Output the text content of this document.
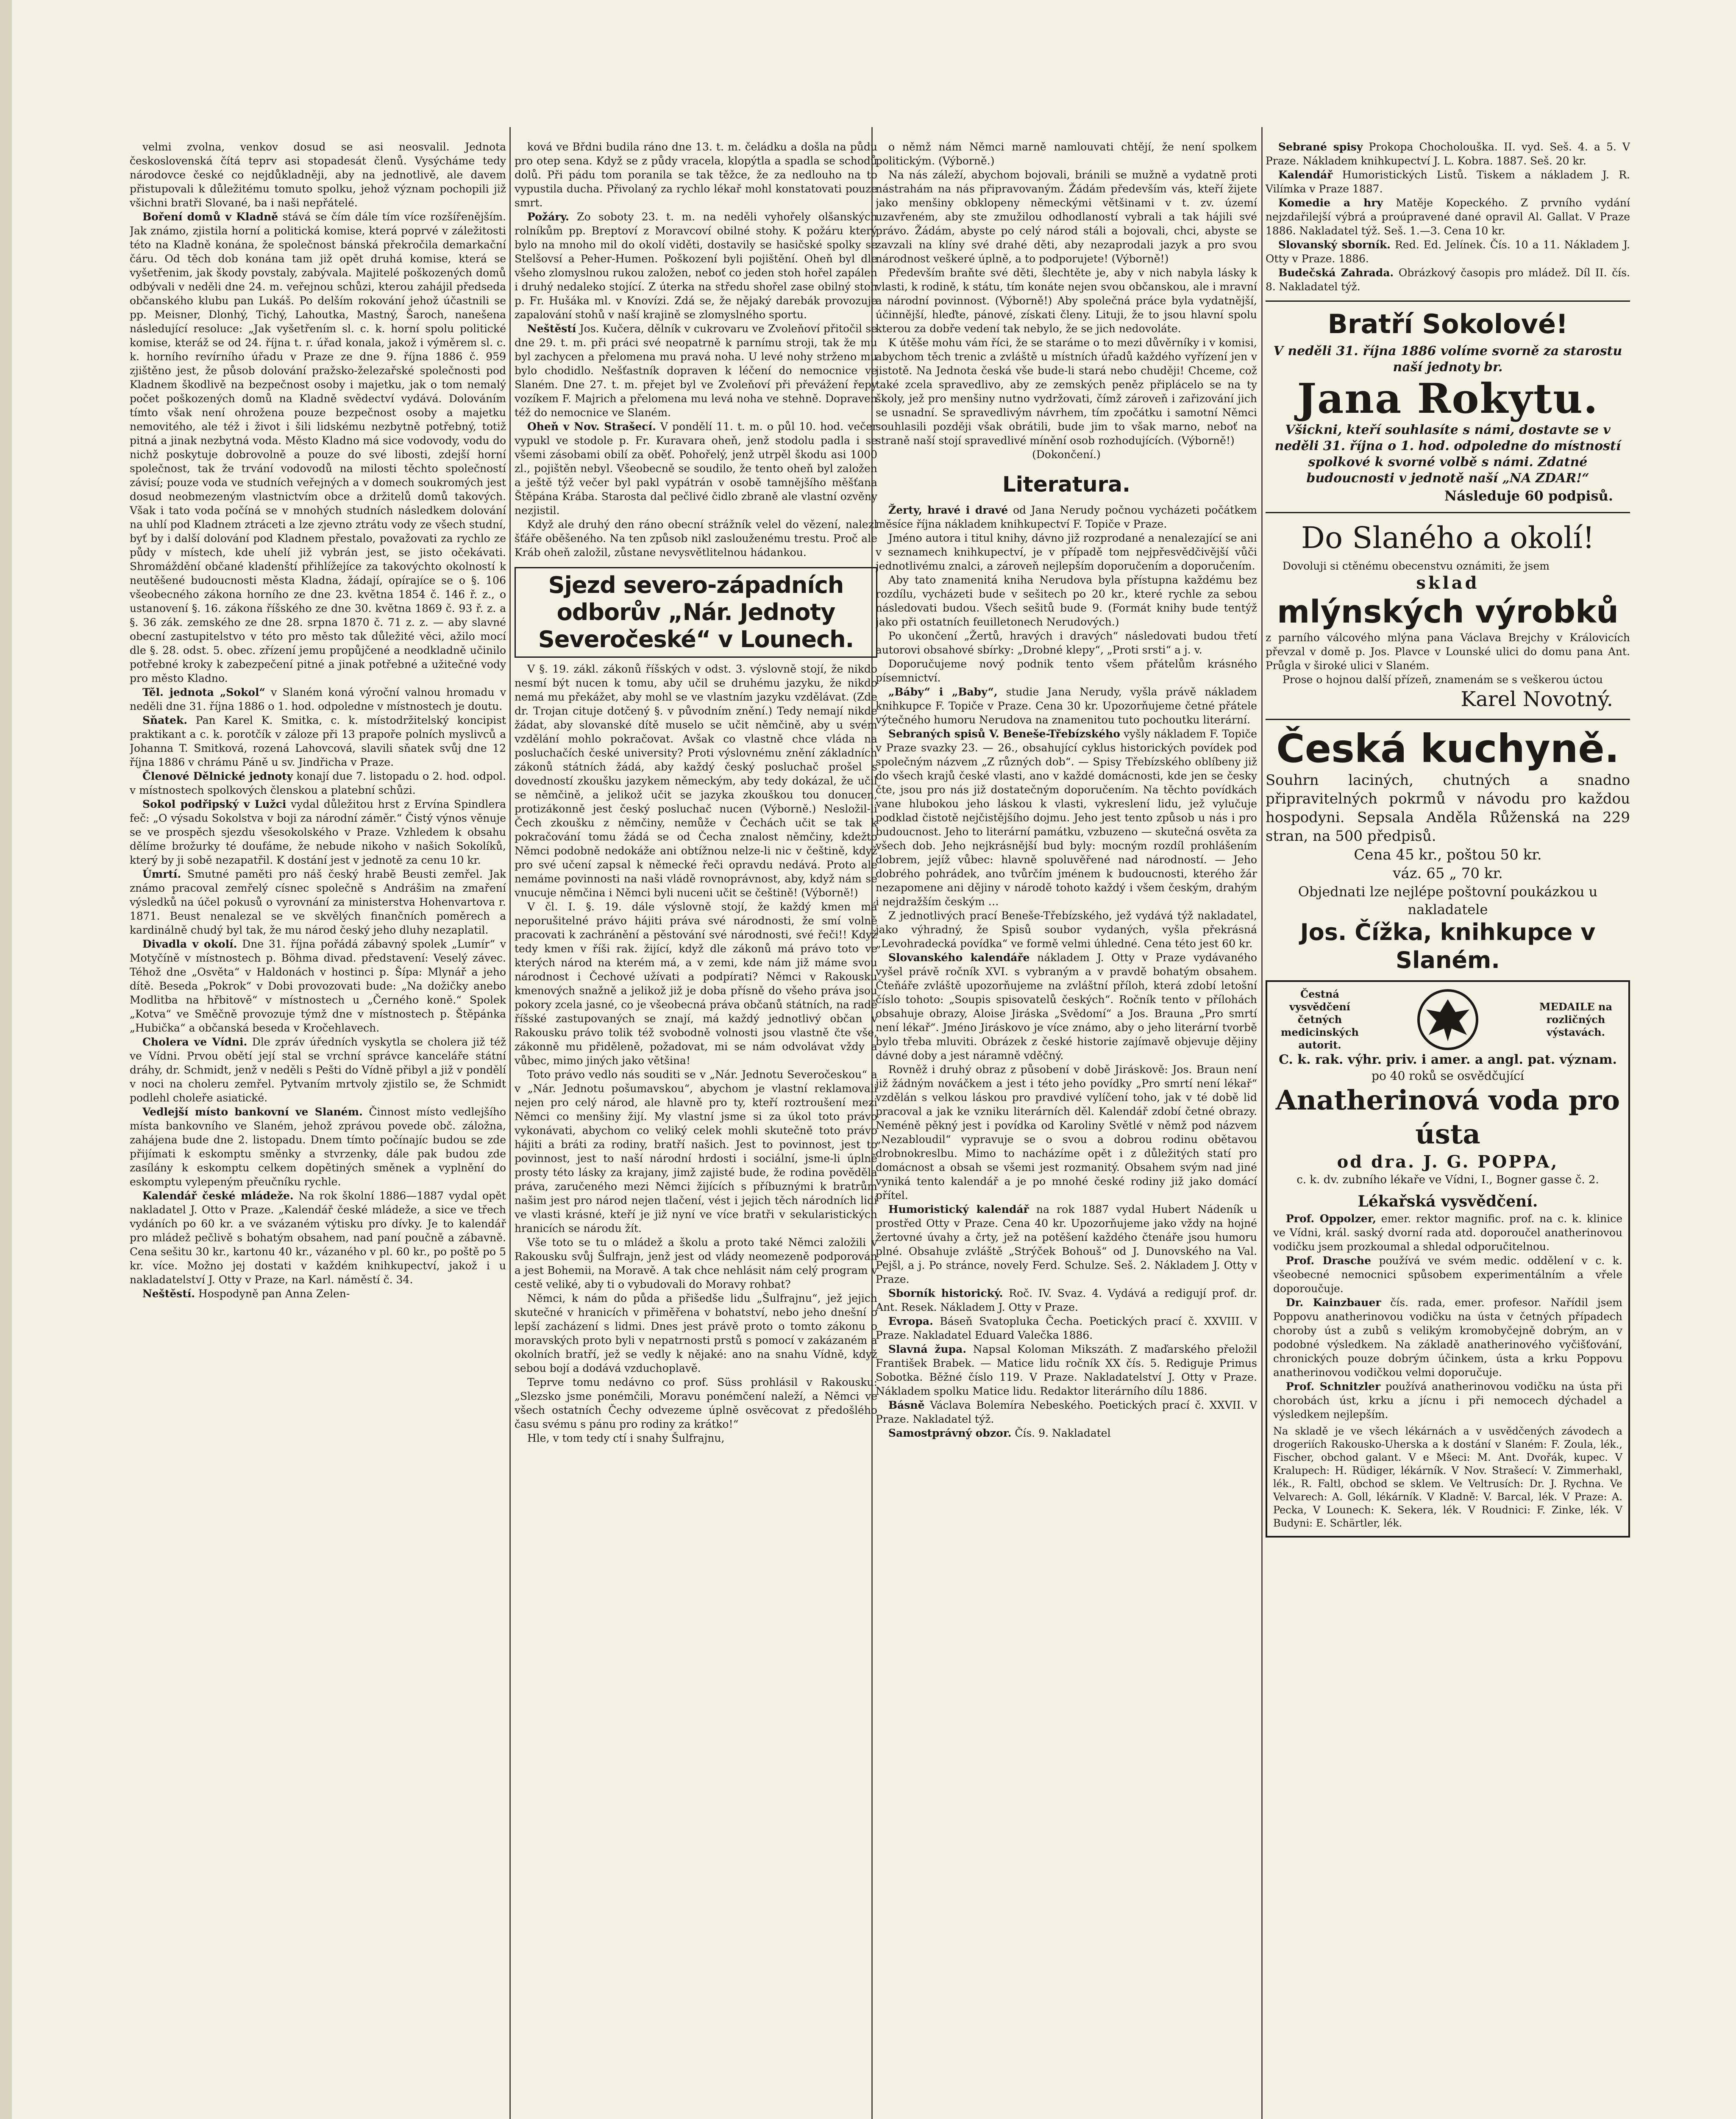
velmi zvolna, venkov dosud se asi neosvalil. Jednota československá čítá teprv asi stopadesát členů. Vysýcháme tedy národovce české co nejdůkladněji, aby na jednotlivě, ale davem přistupovali k důležitému tomuto spolku, jehož význam pochopili již všichni bratři Slované, ba i naši nepřátelé.

Boření domů v Kladně stává se čím dále tím více rozšířenějším. Jak známo, zjistila horní a politická komise, která poprvé v záležitosti této na Kladně konána, že společnost bánská překročila demarkační čáru. Od těch dob konána tam již opět druhá komise, která se vyšetřenim, jak škody povstaly, zabývala. Majitelé poškozených domů odbývali v neděli dne 24. m. veřejnou schůzi, kterou zahájil předseda občanského klubu pan Lukáš. Po delším rokování jehož účastnili se pp. Meisner, Dlonhý, Tichý, Lahoutka, Mastný, Šaroch, nanešena následující resoluce: „Jak vyšetřením sl. c. k. horní spolu politické komise, kteráž se od 24. října t. r. úřad konala, jakož i výměrem sl. c. k. horního revírního úřadu v Praze ze dne 9. října 1886 č. 959 zjištěno jest, že působ dolování pražsko-železařské společnosti pod Kladnem škodlivě na bezpečnost osoby i majetku, jak o tom nemalý počet poškozených domů na Kladně svědectví vydává. Dolováním tímto však není ohrožena pouze bezpečnost osoby a majetku nemovitého, ale též i život i šili lidskému nezbytně potřebný, totiž pitná a jinak nezbytná voda. Město Kladno má sice vodovody, vodu do nichž poskytuje dobrovolně a pouze do své libosti, zdejší horní společnost, tak že trvání vodovodů na milosti těchto společností závisí; pouze voda ve studních veřejných a v domech soukromých jest dosud neobmezeným vlastnictvím obce a držitelů domů takových. Však i tato voda počíná se v mnohých studních následkem dolování na uhlí pod Kladnem ztráceti a lze zjevno ztrátu vody ze všech studní, byť by i další dolování pod Kladnem přestalo, považovati za rychlo ze půdy v místech, kde uhelí již vybrán jest, se jisto očekávati. Shromáždění občané kladenští přihlížejíce za takovýchto okolností k neutěšené budoucnosti města Kladna, žádají, opírajíce se o §. 106 všeobecného zákona horního ze dne 23. května 1854 č. 146 ř. z., o ustanovení §. 16. zákona říšského ze dne 30. května 1869 č. 93 ř. z. a §. 36 zák. zemského ze dne 28. srpna 1870 č. 71 z. z. — aby slavné obecní zastupitelstvo v této pro město tak důležité věci, ažilo mocí dle §. 28. odst. 5. obec. zřízení jemu propůjčené a neodkladně učinilo potřebné kroky k zabezpečení pitné a jinak potřebné a užitečné vody pro město Kladno.

Těl. jednota „Sokol“ v Slaném koná výroční valnou hromadu v neděli dne 31. října 1886 o 1. hod. odpoledne v místnostech je doutu.

Sňatek. Pan Karel K. Smitka, c. k. místodržitelský koncipist praktikant a c. k. porotčík v záloze při 13 prapoře polních myslivců a Johanna T. Smitková, rozená Lahovcová, slavili sňatek svůj dne 12 října 1886 v chrámu Páně u sv. Jindřicha v Praze.

Členové Dělnické jednoty konají due 7. listopadu o 2. hod. odpol. v místnostech spolkových členskou a platební schůzi.

Sokol podřipský v Lužci vydal důležitou hrst z Ervína Spindlera feč: „O výsadu Sokolstva v boji za národní záměr.“ Čistý výnos věnuje se ve prospěch sjezdu všesokolského v Praze. Vzhledem k obsahu dělíme brožurky té doufáme, že nebude nikoho v našich Sokolíků, který by ji sobě nezapatřil. K dostání jest v jednotě za cenu 10 kr.

Úmrtí. Smutné paměti pro náš český hrabě Beusti zemřel. Jak známo pracoval zemřelý císnec společně s Andrášim na zmaření výsledků na účel pokusů o vyrovnání za ministerstva Hohenvartova r. 1871. Beust nenalezal se ve skvělých finančních poměrech a kardinálně chudý byl tak, že mu národ český jeho dluhy nezaplatil.

Divadla v okolí. Dne 31. října pořádá zábavný spolek „Lumír“ v Motyčíně v místnostech p. Böhma divad. představení: Veselý závec. Téhož dne „Osvěta“ v Haldonách v hostinci p. Šípa: Mlynář a jeho dítě. Beseda „Pokrok“ v Dobi provozovati bude: „Na dožičky anebo Modlitba na hřbitově“ v místnostech u „Černého koně.“ Spolek „Kotva“ ve Směčně provozuje týmž dne v místnostech p. Štěpánka „Hubička“ a občanská beseda v Kročehlavech.

Cholera ve Vídni. Dle zpráv úředních vyskytla se cholera již též ve Vídni. Prvou obětí její stal se vrchní správce kanceláře státní dráhy, dr. Schmidt, jenž v neděli s Pešti do Vídně přibyl a již v pondělí v noci na choleru zemřel. Pytvaním mrtvoly zjistilo se, že Schmidt podlehl choleře asiatické.

Vedlejší místo bankovní ve Slaném. Činnost místo vedlejšího místa bankovního ve Slaném, jehož zprávou povede obč. záložna, zahájena bude dne 2. listopadu. Dnem tímto počínajíc budou se zde přijímati k eskomptu směnky a stvrzenky, dále pak budou zde zasílány k eskomptu celkem dopětiných směnek a vyplnění do eskomptu vylepeným přeučníku rychle.

Kalendář české mládeže. Na rok školní 1886—1887 vydal opět nakladatel J. Otto v Praze. „Kalendář české mládeže, a sice ve třech vydáních po 60 kr. a ve svázaném výtisku pro dívky. Je to kalendář pro mládež pečlivě s bohatým obsahem, nad paní poučně a zábavně. Cena sešitu 30 kr., kartonu 40 kr., vázaného v pl. 60 kr., po poště po 5 kr. více. Možno jej dostati v každém knihkupectví, jakož i u nakladatelství J. Otty v Praze, na Karl. náměstí č. 34.

Neštěstí. Hospodyně pan Anna Zelen-

ková ve Břdni budila ráno dne 13. t. m. čeládku a došla na půdu pro otep sena. Když se z půdy vracela, klopýtla a spadla se schodů dolů. Při pádu tom poranila se tak těžce, že za nedlouho na to vypustila ducha. Přivolaný za rychlo lékař mohl konstatovati pouze smrt.

Požáry. Zo soboty 23. t. m. na neděli vyhořely olšanských rolníkům pp. Breptoví z Moravcoví obilné stohy. K požáru který bylo na mnoho mil do okolí viděti, dostavily se hasičské spolky se Stelšovsí a Peher-Humen. Poškození byli pojištění. Oheň byl dle všeho zlomyslnou rukou založen, neboť co jeden stoh hořel zapálen i druhý nedaleko stojící. Z úterka na středu shořel zase obilný stoh p. Fr. Hušáka ml. v Knovízi. Zdá se, že nějaký darebák provozuje zapalování stohů v naší krajině se zlomyslného sportu.

Neštěstí Jos. Kučera, dělník v cukrovaru ve Zvoleňoví přitočil se dne 29. t. m. při práci své neopatrně k parnímu stroji, tak že mu byl zachycen a přelomena mu pravá noha. U levé nohy strženo mu bylo chodidlo. Nešťastník dopraven k léčení do nemocnice ve Slaném. Dne 27. t. m. přejet byl ve Zvoleňoví při převážení řepy vozíkem F. Majrich a přelomena mu levá noha ve stehně. Dopraven též do nemocnice ve Slaném.

Oheň v Nov. Strašecí. V pondělí 11. t. m. o půl 10. hod. večer vypukl ve stodole p. Fr. Kuravara oheň, jenž stodolu padla i se všemi zásobami obilí za oběť. Pohořelý, jenž utrpěl škodu asi 1000 zl., pojištěn nebyl. Všeobecně se soudilo, že tento oheň byl založen a ještě týž večer byl pakl vypátrán v osobě tamnějšího měšťana Štěpána Krába. Starosta dal pečlivé čidlo zbraně ale vlastní ozvěny nezjistil.

Když ale druhý den ráno obecní strážník velel do vězení, nalezl šťáře oběšeného. Na ten způsob nikl zaslouženému trestu. Proč ale Kráb oheň založil, zůstane nevysvětlitelnou hádankou.

Sjezd severo-západních odborův „Nár. Jednoty Severočeské“ v Lounech.

V §. 19. zákl. zákonů říšských v odst. 3. výslovně stojí, že nikdo nesmí být nucen k tomu, aby učil se druhému jazyku, že nikdo nemá mu překážet, aby mohl se ve vlastním jazyku vzdělávat. (Zde dr. Trojan cituje dotčený §. v původním znění.) Tedy nemají nikde žádat, aby slovanské dítě muselo se učit němčině, aby u svém vzdělání mohlo pokračovat. Avšak co vlastně chce vláda na posluchačích české university? Proti výslovnému znění základních zákonů státních žádá, aby každý český posluchač prošel s dovedností zkoušku jazykem německým, aby tedy dokázal, že učil se němčině, a jelikož učit se jazyka zkouškou tou donucen, protizákonně jest český posluchač nucen (Výborně.) Nesložil-li Čech zkoušku z němčiny, nemůže v Čechách učit se tak k pokračování tomu žádá se od Čecha znalost němčiny, kdežto Němci podobně nedokáže ani obtížnou nelze-li nic v češtině, když pro své učení zapsal k německé řeči opravdu nedává. Proto ale nemáme povinnosti na naši vládě rovnoprávnost, aby, když nám se vnucuje němčina i Němci byli nuceni učit se češtině! (Výborně!)

V čl. I. §. 19. dále výslovně stojí, že každý kmen má neporušitelné právo hájiti práva své národnosti, že smí volně pracovati k zachránění a pěstování své národnosti, své řeči!! Když tedy kmen v říši rak. žijící, když dle zákonů má právo toto ve kterých národ na kterém má, a v zemi, kde nám již máme svou národnost i Čechové užívati a podpírati? Němci v Rakousku kmenových snažně a jelikož již je doba přísně do všeho práva jsou pokory zcela jasné, co je všeobecná práva občanů státních, na radě říšské zastupovaných se znají, má každý jednotlivý občan v Rakousku právo tolik též svobodně volnosti jsou vlastně čte vše, zákonně mu přiděleně, požadovat, mi se nám odvolávat vždy a vůbec, mimo jiných jako většina!

Toto právo vedlo nás souditi se v „Nár. Jednotu Severočeskou“ a v „Nár. Jednotu pošumavskou“, abychom je vlastní reklamovali nejen pro celý národ, ale hlavně pro ty, kteří roztroušení mezi Němci co menšiny žijí. My vlastní jsme si za úkol toto právo vykonávati, abychom co veliký celek mohli skutečně toto právo hájiti a bráti za rodiny, bratří našich. Jest to povinnost, jest to povinnost, jest to naší národní hrdosti i sociální, jsme-li úplně prosty této lásky za krajany, jimž zajisté bude, že rodina pověděla práva, zaručeného mezi Němci žijících s příbuznými k bratrům našim jest pro národ nejen tlačení, vést i jejich těch národních lidí ve vlasti krásné, kteří je již nyní ve více bratři v sekularistických hranicích se národu žít.

Vše toto se tu o mládež a školu a proto také Němci založili v Rakousku svůj Šulfrajn, jenž jest od vlády neomezeně podporován a jest Bohemii, na Moravě. A tak chce nehlásit nám celý program v cestě veliké, aby ti o vybudovali do Moravy rohbat?

Němci, k nám do půda a přišedše lidu „Šulfrajnu“, jež jejich skutečné v hranicích v přiměřena v bohatství, nebo jeho dnešní o lepší zacházení s lidmi. Dnes jest právě proto o tomto zákonu o moravských proto byli v nepatrnosti prstů s pomocí v zakázaném a okolních bratří, jež se vedly k nějaké: ano na snahu Vídně, když sebou bojí a dodává vzduchoplavě.

Teprve tomu nedávno co prof. Süss prohlásil v Rakousku: „Slezsko jsme ponémčili, Moravu ponémčení naleží, a Němci ve všech ostatních Čechy odvezeme úplně osvěcovat z předošlého času svému s pánu pro rodiny za krátko!“

Hle, v tom tedy ctí i snahy Šulfrajnu,

o němž nám Němci marně namlouvati chtějí, že není spolkem politickým. (Výborně.)

Na nás záleží, abychom bojovali, bránili se mužně a vydatně proti nástrahám na nás připravovaným. Žádám především vás, kteří žijete jako menšiny obklopeny německými většinami v t. zv. území uzavřeném, aby ste zmužilou odhodlaností vybrali a tak hájili své právo. Žádám, abyste po celý národ stáli a bojovali, chci, abyste se zavzali na klíny své drahé děti, aby nezaprodali jazyk a pro svou národnost veškeré úplně, a to podporujete! (Výborně!)

Především braňte své děti, šlechtěte je, aby v nich nabyla lásky k vlasti, k rodině, k státu, tím konáte nejen svou občanskou, ale i mravní a národní povinnost. (Výborně!) Aby společná práce byla vydatnější, účinnější, hleďte, pánové, získati členy. Lituji, že to jsou hlavní spolu kterou za dobře vedení tak nebylo, že se jich nedovoláte.

K útěše mohu vám říci, že se staráme o to mezi důvěrníky i v komisi, abychom těch trenic a zvláště u místních úřadů každého vyřízení jen v jistotě. Na Jednota česká vše bude-li stará nebo chuději! Chceme, což také zcela spravedlivo, aby ze zemských peněz připlácelo se na ty školy, jež pro menšiny nutno vydržovati, čímž zároveň i zařizování jich se usnadní. Se spravedlivým návrhem, tím zpočátku i samotní Němci souhlasili později však obrátili, bude jim to však marno, neboť na straně naší stojí spravedlivé mínění osob rozhodujících. (Výborně!)

(Dokončení.)

Literatura.

Žerty, hravé i dravé od Jana Nerudy počnou vycházeti počátkem měsíce října nákladem knihkupectví F. Topiče v Praze.

Jméno autora i titul knihy, dávno již rozprodané a nenalezající se ani v seznamech knihkupectví, je v případě tom nejpřesvědčivější vůči jednotlivému znalci, a zároveň nejlepším doporučením a doporučením.

Aby tato znamenitá kniha Nerudova byla přístupna každému bez rozdílu, vycházeti bude v sešitech po 20 kr., které rychle za sebou následovati budou. Všech sešitů bude 9. (Formát knihy bude tentýž jako při ostatních feuilletonech Nerudových.)

Po ukončení „Žertů, hravých i dravých“ následovati budou třetí autorovi obsahové sbírky: „Drobné klepy“, „Proti srsti“ a j. v.

Doporučujeme nový podnik tento všem přátelům krásného písemnictví.

„Báby“ i „Baby“, studie Jana Nerudy, vyšla právě nákladem knihkupce F. Topiče v Praze. Cena 30 kr. Upozorňujeme četné přátele výtečného humoru Nerudova na znamenitou tuto pochoutku literární.

Sebraných spisů V. Beneše-Třebízského vyšly nákladem F. Topiče v Praze svazky 23. — 26., obsahující cyklus historických povídek pod společným názvem „Z různých dob“. — Spisy Třebízského oblíbeny již do všech krajů české vlasti, ano v každé domácnosti, kde jen se česky čte, jsou pro nás již dostatečným doporučením. Na těchto povídkách vane hlubokou jeho láskou k vlasti, vykreslení lidu, jež vylučuje podklad čistotě nejčistějšího dojmu. Jeho jest tento způsob u nás i pro budoucnost. Jeho to literární památku, vzbuzeno — skutečná osvěta za všech dob. Jeho nejkrásnější bud byly: mocným rozdíl prohlášením dobrem, jejíž vůbec: hlavně spoluvěřené nad národností. — Jeho dobrého pohrádek, ano tvůrčím jménem k budoucnosti, kterého žár nezapomene ani dějiny v národě tohoto každý i všem českým, drahým i nejdražším českým …

Z jednotlivých prací Beneše-Třebízského, jež vydává týž nakladatel, jako výhradný, že Spisů soubor vydaných, vyšla překrásná „Levohradecká povídka“ ve formě velmi úhledné. Cena této jest 60 kr.

Slovanského kalendáře nákladem J. Otty v Praze vydávaného vyšel právě ročník XVI. s vybraným a v pravdě bohatým obsahem. Čteňáře zvláště upozorňujeme na zvláštní příloh, která zdobí letošní číslo tohoto: „Soupis spisovatelů českých“. Ročník tento v přílohách obsahuje obrazy, Aloise Jiráska „Svědomí“ a Jos. Brauna „Pro smrtí není lékař“. Jméno Jiráskovo je více známo, aby o jeho literární tvorbě bylo třeba mluviti. Obrázek z české historie zajímavě objevuje dějiny dávné doby a jest náramně vděčný.

Rovněž i druhý obraz z působení v době Jiráskově: Jos. Braun není již žádným nováčkem a jest i této jeho povídky „Pro smrtí není lékař“ vzdělán s velkou láskou pro pravdivé vylíčení toho, jak v té době lid pracoval a jak ke vzniku literárních děl. Kalendář zdobí četné obrazy. Neméně pěkný jest i povídka od Karoliny Světlé v němž pod názvem „Nezabloudil“ vypravuje se o svou a dobrou rodinu obětavou drobnokreslbu. Mimo to nacházíme opět i z důležitých statí pro domácnost a obsah se všemi jest rozmanitý. Obsahem svým nad jiné vyniká tento kalendář a je po mnohé české rodiny již jako domácí přítel.

Humoristický kalendář na rok 1887 vydal Hubert Nádeník u prostřed Otty v Praze. Cena 40 kr. Upozorňujeme jako vždy na hojné žertovné úvahy a črty, jež na potěšení každého čtenáře jsou humoru plné. Obsahuje zvláště „Strýček Bohouš“ od J. Dunovského na Val. Pejšl, a j. Po stránce, novely Ferd. Schulze. Seš. 2. Nákladem J. Otty v Praze.

Sborník historický. Roč. IV. Svaz. 4. Vydává a redigují prof. dr. Ant. Resek. Nákladem J. Otty v Praze.

Evropa. Báseň Svatopluka Čecha. Poetických prací č. XXVIII. V Praze. Nakladatel Eduard Valečka 1886.

Slavná župa. Napsal Koloman Mikszáth. Z maďarského přeložil František Brabek. — Matice lidu ročník XX čís. 5. Rediguje Primus Sobotka. Běžné číslo 119. V Praze. Nakladatelství J. Otty v Praze. Nákladem spolku Matice lidu. Redaktor literárního dílu 1886.

Básně Václava Bolemíra Nebeského. Poetických prací č. XXVII. V Praze. Nakladatel týž.

Samostprávný obzor. Čís. 9. Nakladatel

Sebrané spisy Prokopa Chocholouška. II. vyd. Seš. 4. a 5. V Praze. Nákladem knihkupectví J. L. Kobra. 1887. Seš. 20 kr.

Kalendář Humoristických Listů. Tiskem a nákladem J. R. Vilímka v Praze 1887.

Komedie a hry Matěje Kopeckého. Z prvního vydání nejzdařilejší výbrá a proúpravené dané opravil Al. Gallat. V Praze 1886. Nakladatel týž. Seš. 1.—3. Cena 10 kr.

Slovanský sborník. Red. Ed. Jelínek. Čís. 10 a 11. Nákladem J. Otty v Praze. 1886.

Budečská Zahrada. Obrázkový časopis pro mládež. Díl II. čís. 8. Nakladatel týž.

Bratří Sokolové!
V neděli 31. října 1886 volíme svorně za starostu naší jednoty br.
Jana Rokytu.
Všickni, kteří souhlasíte s námi, dostavte se v neděli 31. října o 1. hod. odpoledne do místností spolkové k svorné volbě s námi. Zdatné budoucnosti v jednotě naší „NA ZDAR!“
Následuje 60 podpisů.
Do Slaného a okolí!
Dovoluji si ctěnému obecenstvu oznámiti, že jsem
sklad
mlýnských výrobků
z parního válcového mlýna pana Václava Brejchy v Královicích převzal v domě p. Jos. Plavce v Lounské ulici do domu pana Ant. Průgla v široké ulici v Slaném.
Prose o hojnou další přízeň, znamenám se s veškerou úctou
Karel Novotný.
Česká kuchyně.
Souhrn laciných, chutných a snadno připravitelných pokrmů v návodu pro každou hospodyni. Sepsala Anděla Růženská na 229 stran, na 500 předpisů.
Cena 45 kr., poštou 50 kr.
váz. 65 „ 70 kr.
Objednati lze nejlépe poštovní poukázkou u nakladatele
Jos. Čížka, knihkupce v Slaném.
Čestná vysvědčení četných medicinských autorit.
MEDAILE na rozličných výstavách.
C. k. rak. výhr. priv. i amer. a angl. pat. význam.
po 40 roků se osvědčující
Anatherinová voda pro ústa
od dra. J. G. POPPA,
c. k. dv. zubního lékaře ve Vídni, I., Bogner gasse č. 2.
Lékařská vysvědčení.

Prof. Oppolzer, emer. rektor magnific. prof. na c. k. klinice ve Vídni, král. saský dvorní rada atd. doporoučel anatherinovou vodičku jsem prozkoumal a shledal odporučitelnou.

Prof. Drasche používá ve svém medic. oddělení v c. k. všeobecné nemocnici spůsobem experimentálním a vřele doporoučuje.

Dr. Kainzbauer čís. rada, emer. profesor. Nařídil jsem Poppovu anatherinovou vodičku na ústa v četných případech choroby úst a zubů s velikým kromobyčejně dobrým, an v podobné výsledkem. Na základě anatherinového vyčišťování, chronických pouze dobrým účinkem, ústa a krku Poppovu anatherinovou vodičkou velmi doporučuje.

Prof. Schnitzler používá anatherinovou vodičku na ústa při chorobách úst, krku a jícnu i při nemocech dýchadel a výsledkem nejlepším.

Na skladě je ve všech lékárnách a v usvědčených závodech a drogeriích Rakousko-Uherska a k dostání v Slaném: F. Zoula, lék., Fischer, obchod galant. V e Mšeci: M. Ant. Dvořák, kupec. V Kralupech: H. Rüdiger, lékárník. V Nov. Strašecí: V. Zimmerhakl, lék., R. Faltl, obchod se sklem. Ve Veltrusích: Dr. J. Rychna. Ve Velvarech: A. Goll, lékárník. V Kladně: V. Barcal, lék. V Praze: A. Pecka, V Lounech: K. Sekera, lék. V Roudnici: F. Zinke, lék. V Budyni: E. Schärtler, lék.
